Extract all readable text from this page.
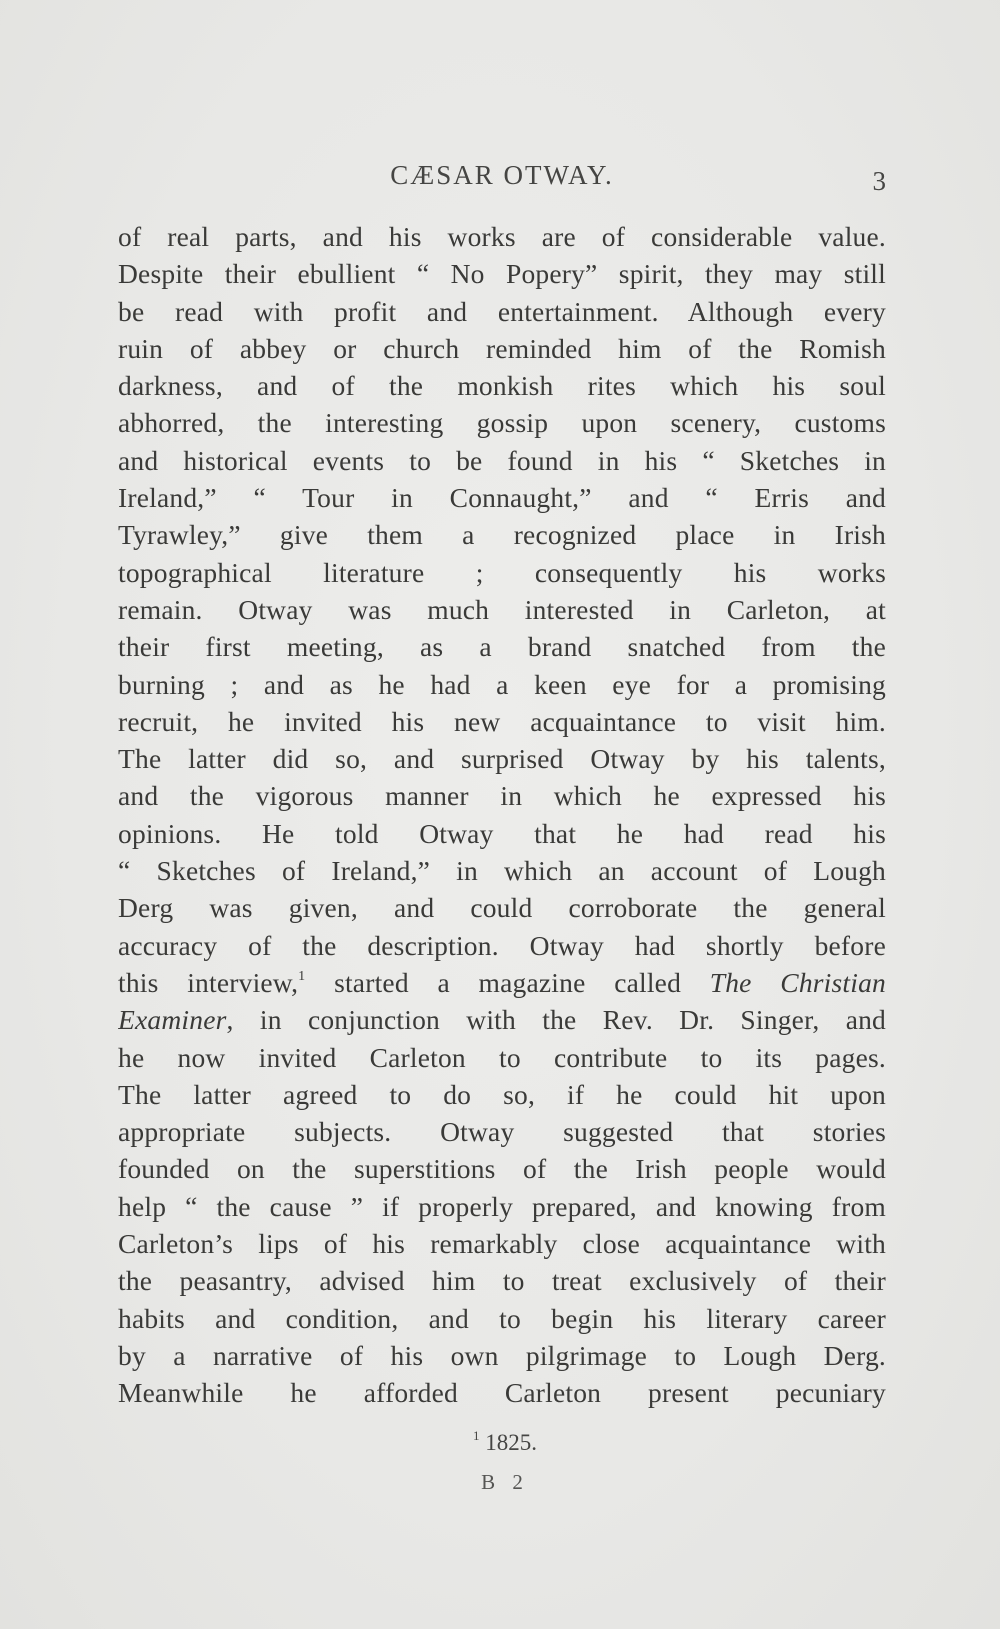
CÆSAR OTWAY.	3
of real parts, and his works are of considerable value.
Despite their ebullient “ No Popery” spirit, they may still
be read with profit and entertainment. Although every
ruin of abbey or church reminded him of the Romish
darkness, and of the monkish rites which his soul
abhorred, the interesting gossip upon scenery, customs
and historical events to be found in his “ Sketches in
Ireland,” “ Tour in Connaught,” and “ Erris and
Tyrawley,” give them a recognized place in Irish
topographical literature ; consequently his works
remain. Otway was much interested in Carleton, at
their first meeting, as a brand snatched from the
burning ; and as he had a keen eye for a promising
recruit, he invited his new acquaintance to visit him.
The latter did so, and surprised Otway by his talents,
and the vigorous manner in which he expressed his
opinions. He told Otway that he had read his
“ Sketches of Ireland,” in which an account of Lough
Derg was given, and could corroborate the general
accuracy of the description. Otway had shortly before
this interview,$^1$ started a magazine called The Christian
Examiner, in conjunction with the Rev. Dr. Singer, and
he now invited Carleton to contribute to its pages.
The latter agreed to do so, if he could hit upon
appropriate subjects. Otway suggested that stories
founded on the superstitions of the Irish people would
help “ the cause ” if properly prepared, and knowing from
Carleton’s lips of his remarkably close acquaintance with
the peasantry, advised him to treat exclusively of their
habits and condition, and to begin his literary career
by a narrative of his own pilgrimage to Lough Derg.
Meanwhile he afforded Carleton present pecuniary
$^1$ 1825.
B 2
